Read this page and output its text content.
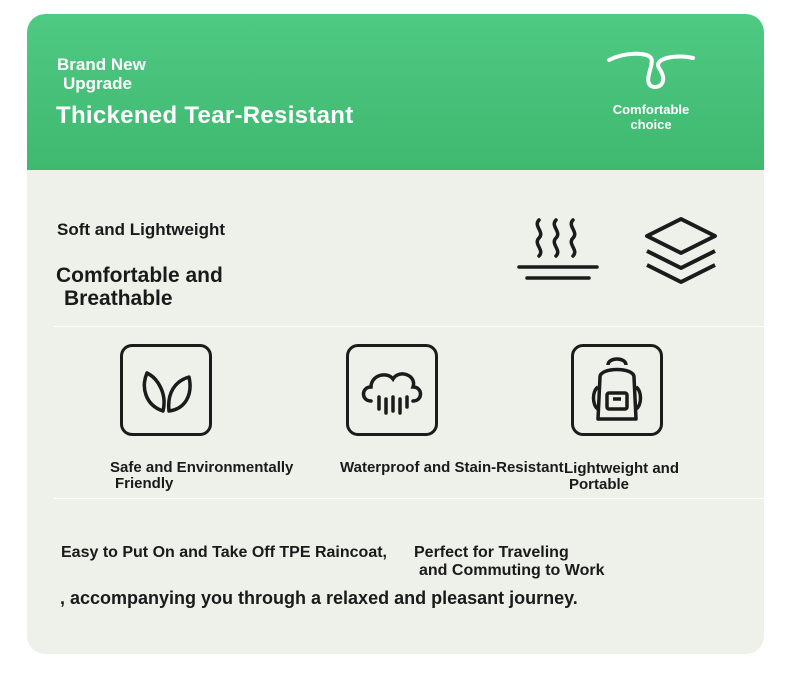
Brand New
Upgrade
Thickened Tear-Resistant	Comfortable
choice
Soft and Lightweight
Comfortable and
Breathable
Safe and Environmentally
Friendly
Waterproof and Stain-Resistant Lightweight and
Portable
Easy to Put On and Take Off TPE Raincoat, Perfect for Traveling
and Commuting to Work
, accompanying you through a relaxed and pleasant journey.
